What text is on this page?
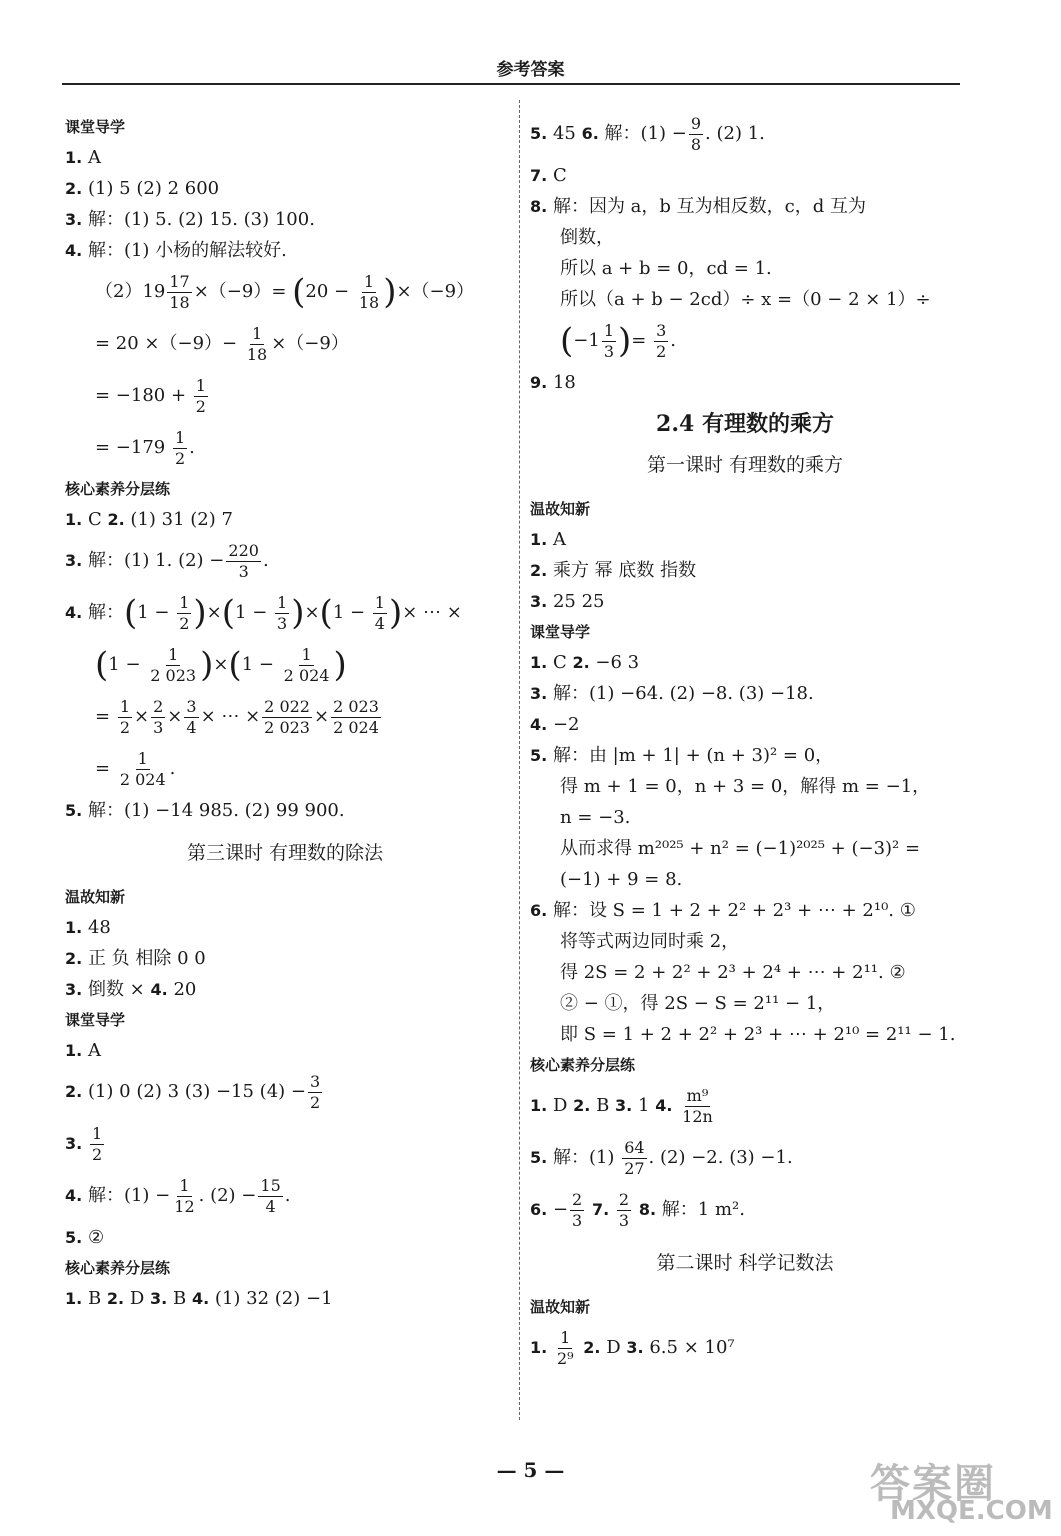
参考答案
课堂导学
1. A
2. (1) 5 (2) 2 600
3. 解：(1) 5. (2) 15. (3) 100.
4. 解：(1) 小杨的解法较好.
$(2)19 \frac{17}{18} \times(-9)= (20 - \frac{1}{18} )\times(-9)$
= $20 \times(-9)- \frac{1}{18} \times(-9)$
= $-180 + \frac{1}{2}$
= $-179 \frac{1}{2}$ .
核心素养分层练
1. C 2. (1) 31 (2) 7
3. 解：(1) 1. $(2) - \frac{220}{3}$ .
4. 解：$(1 - \frac{1}{2} )\times(1 - \frac{1}{3} )\times(1 - \frac{1}{4}$ )× ⋯ ×
$(1 - \frac{1}{2 023} )\times(1 - \frac{1}{2 024}$ )
= $\frac{1}{2} \times \frac{2}{3} \times \frac{3}{4}$ × ⋯ × $\frac{2 022}{2 023} \times \frac{2 023}{2 024}$
= $\frac{1}{2 024}$ .
5. 解：(1) −14 985. (2) 99 900.
第三课时 有理数的除法
温故知新
1. 48
2. 正 负 相除 0 0
3. 倒数 × 4. 20
课堂导学
1. A
2. (1) 0 (2) 3 (3) −15 $(4) - \frac{3}{2}$
3. $\frac{1}{2}$
4. 解：$(1) - \frac{1}{12}$ . $(2) - \frac{15}{4}$ .
5. ②
核心素养分层练
1. B 2. D 3. B 4. (1) 32 (2) −1
5. 45 6. 解：$(1) - \frac{9}{8}$ . (2) 1.
7. C
8. 解：因为 a，b 互为相反数，c，d 互为
倒数，
所以 a + b = 0，cd = 1.
所以（a + b − 2cd）÷ x =（0 − 2 × 1）÷
($-1 \frac{1}{3}$ )= $\frac{3}{2}$ .
9. 18
2.4 有理数的乘方
第一课时 有理数的乘方
温故知新
1. A
2. 乘方 幂 底数 指数
3. 25 25
课堂导学
1. C 2. −6 3
3. 解：(1) −64. (2) −8. (3) −18.
4. −2
5. 解：由 |m + 1| + (n + 3)² = 0，
得 m + 1 = 0，n + 3 = 0，解得 m = −1，
n = −3.
从而求得 m²⁰²⁵ + n² = (−1)²⁰²⁵ + (−3)² =
(−1) + 9 = 8.
6. 解：设 S = 1 + 2 + 2² + 2³ + ⋯ + 2¹⁰. ①
将等式两边同时乘 2，
得 2S = 2 + 2² + 2³ + 2⁴ + ⋯ + 2¹¹. ②
② − ①，得 2S − S = 2¹¹ − 1，
即 S = 1 + 2 + 2² + 2³ + ⋯ + 2¹⁰ = 2¹¹ − 1.
核心素养分层练
1. D 2. B 3. 1 4. $\frac{\text{m⁹}}{12n}$
5. 解：$(1) \frac{64}{27}$ . (2) −2. (3) −1.
6. − $\frac{2}{3} 7$. $\frac{2}{3} 8$. 解：1 m².
第二课时 科学记数法
温故知新
1. $\frac{1}{\text{2⁹}} 2$. D 3. 6.5 × 10⁷
— 5 —	答案圈
MXQE.COM
